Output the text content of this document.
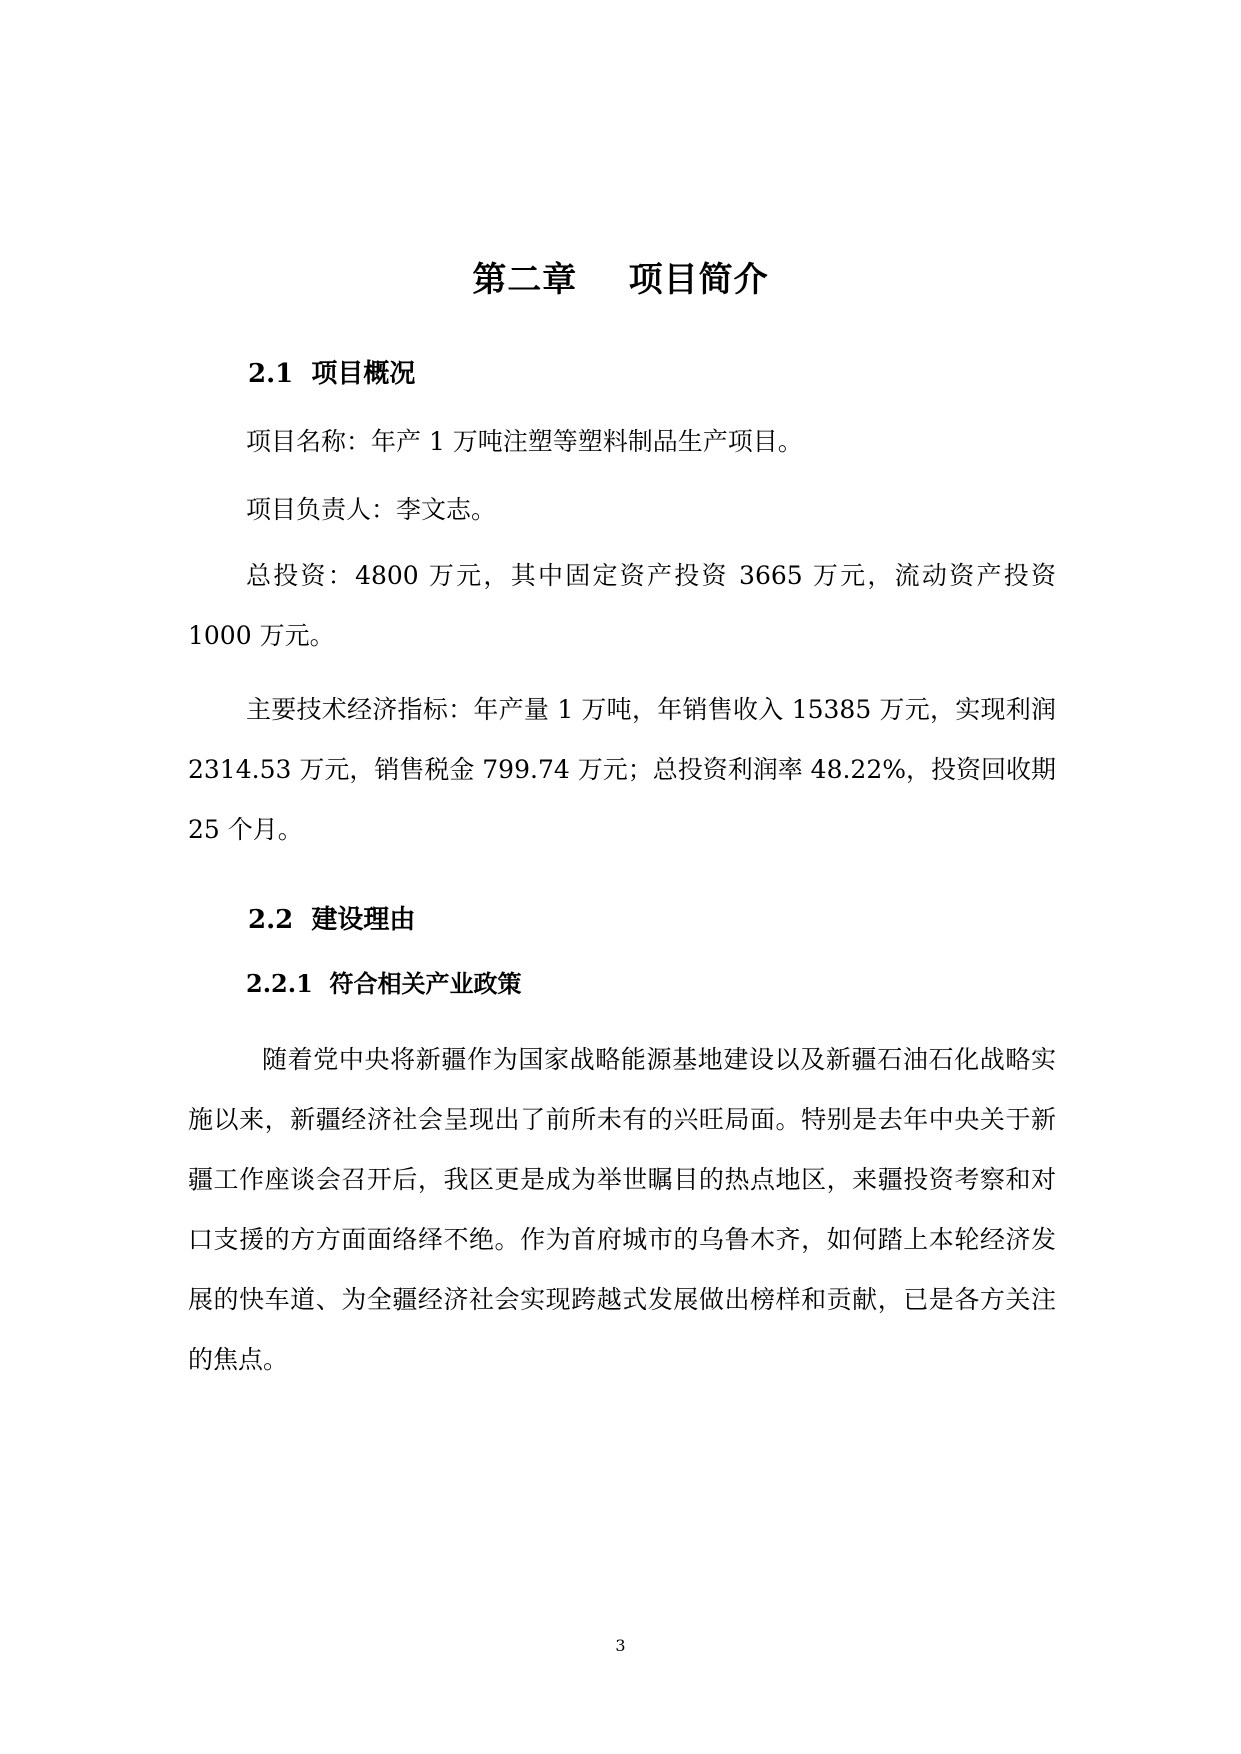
第二章    项目简介
2.1  项目概况
项目名称：年产 1 万吨注塑等塑料制品生产项目。
项目负责人：李文志。
总投资：4800 万元，其中固定资产投资 3665 万元，流动资产投资 1000 万元。
主要技术经济指标：年产量 1 万吨，年销售收入 15385 万元，实现利润 2314.53 万元，销售税金 799.74 万元；总投资利润率 48.22%，投资回收期 25 个月。
2.2  建设理由
2.2.1  符合相关产业政策
随着党中央将新疆作为国家战略能源基地建设以及新疆石油石化战略实施以来，新疆经济社会呈现出了前所未有的兴旺局面。特别是去年中央关于新疆工作座谈会召开后，我区更是成为举世瞩目的热点地区，来疆投资考察和对口支援的方方面面络绎不绝。作为首府城市的乌鲁木齐，如何踏上本轮经济发展的快车道、为全疆经济社会实现跨越式发展做出榜样和贡献，已是各方关注的焦点。
3
